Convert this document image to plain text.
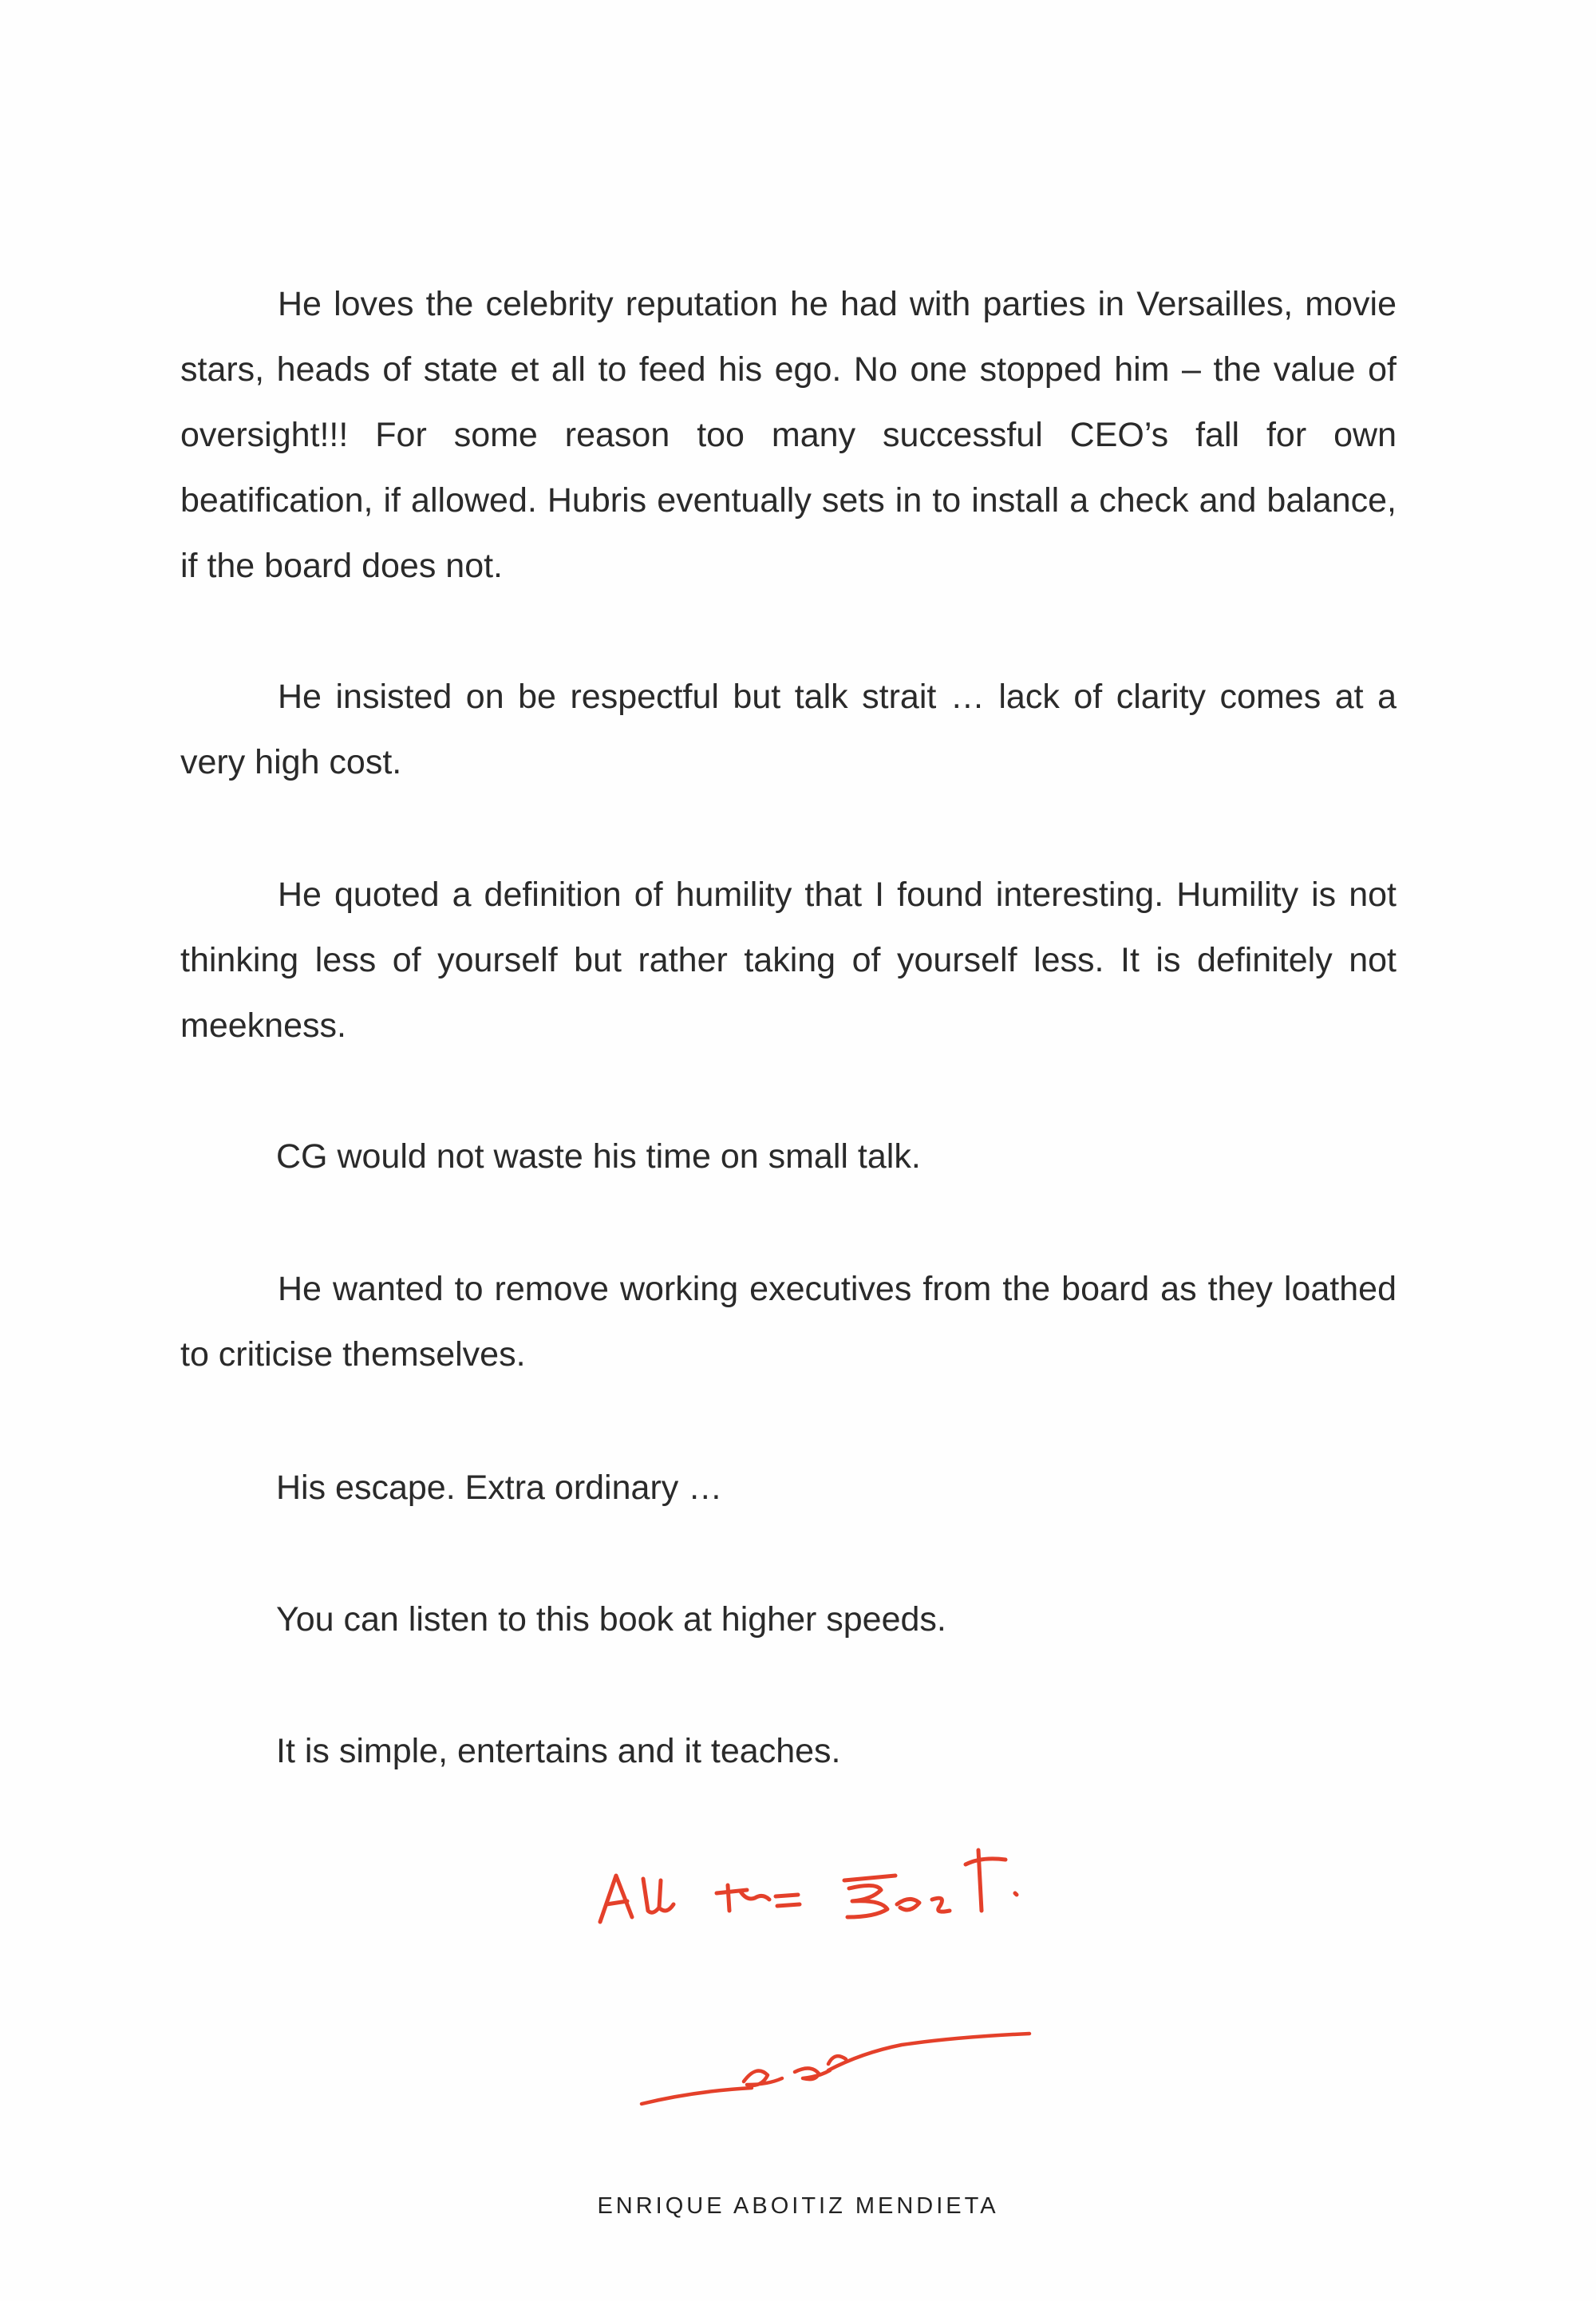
He loves the celebrity reputation he had with parties in Versailles, movie stars, heads of state et all to feed his ego. No one stopped him – the value of oversight!!! For some reason too many successful CEO’s fall for own beatification, if allowed. Hubris eventually sets in to install a check and balance, if the board does not.

He insisted on be respectful but talk strait … lack of clarity comes at a very high cost.

He quoted a definition of humility that I found interesting. Humility is not thinking less of yourself but rather taking of yourself less. It is definitely not meekness.

CG would not waste his time on small talk.

He wanted to remove working executives from the board as they loathed to criticise themselves.

His escape. Extra ordinary …

You can listen to this book at higher speeds.

It is simple, entertains and it teaches.

ENRIQUE ABOITIZ MENDIETA
